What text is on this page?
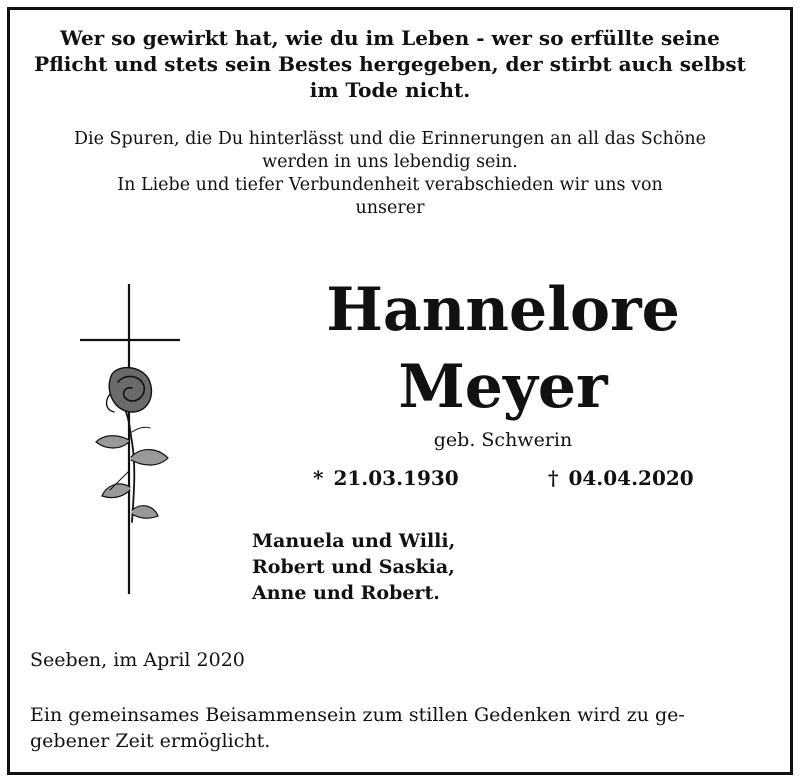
Wer so gewirkt hat, wie du im Leben - wer so erfüllte seine
Pflicht und stets sein Bestes hergegeben, der stirbt auch selbst
im Tode nicht.
Die Spuren, die Du hinterlässt und die Erinnerungen an all das Schöne
werden in uns lebendig sein.
In Liebe und tiefer Verbundenheit verabschieden wir uns von
unserer
Hannelore
Meyer
geb. Schwerin
* 21.03.1930	† 04.04.2020
Manuela und Willi,
Robert und Saskia,
Anne und Robert.
Seeben, im April 2020
Ein gemeinsames Beisammensein zum stillen Gedenken wird zu ge-
gebener Zeit ermöglicht.
